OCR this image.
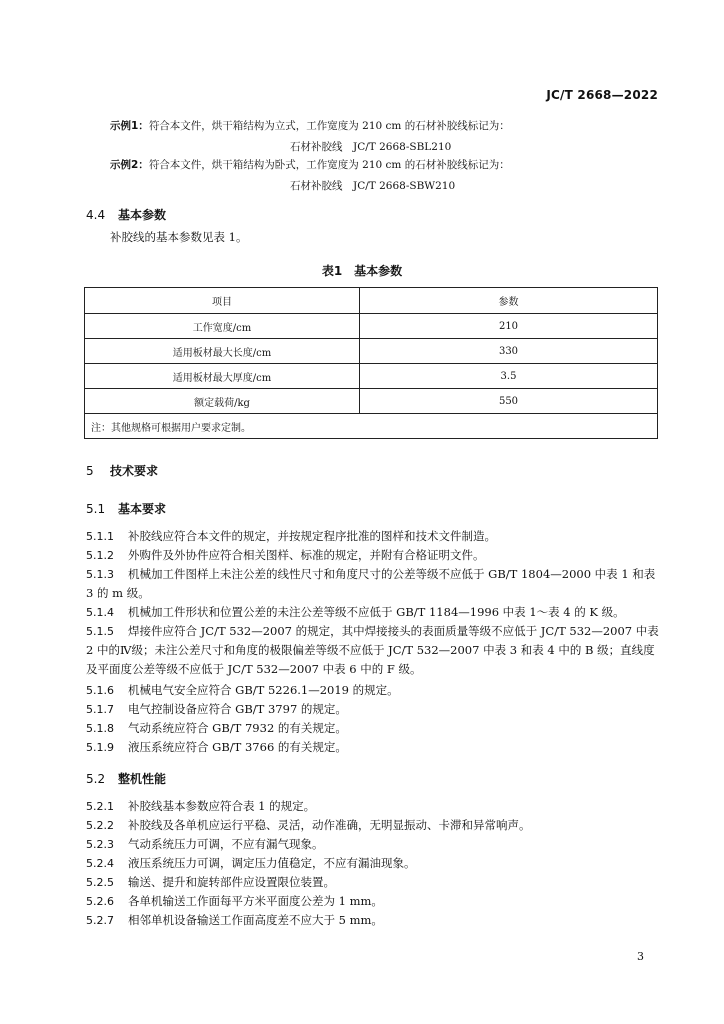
JC/T 2668—2022
示例1：符合本文件，烘干箱结构为立式，工作宽度为 210 cm 的石材补胶线标记为：
石材补胶线　JC/T 2668-SBL210
示例2：符合本文件，烘干箱结构为卧式，工作宽度为 210 cm 的石材补胶线标记为：
石材补胶线　JC/T 2668-SBW210
4.4 基本参数
补胶线的基本参数见表 1。
表1　基本参数
项目	参数
工作宽度/cm	210
适用板材最大长度/cm	330
适用板材最大厚度/cm	3.5
额定载荷/kg	550
注：其他规格可根据用户要求定制。	
5 技术要求
5.1 基本要求
5.1.1 补胶线应符合本文件的规定，并按规定程序批准的图样和技术文件制造。
5.1.2 外购件及外协件应符合相关图样、标准的规定，并附有合格证明文件。
5.1.3 机械加工件图样上未注公差的线性尺寸和角度尺寸的公差等级不应低于 GB/T 1804—2000 中表 1 和表 3 的 m 级。
5.1.4 机械加工件形状和位置公差的未注公差等级不应低于 GB/T 1184—1996 中表 1～表 4 的 K 级。
5.1.5 焊接件应符合 JC/T 532—2007 的规定，其中焊接接头的表面质量等级不应低于 JC/T 532—2007 中表 2 中的Ⅳ级；未注公差尺寸和角度的极限偏差等级不应低于 JC/T 532—2007 中表 3 和表 4 中的 B 级；直线度及平面度公差等级不应低于 JC/T 532—2007 中表 6 中的 F 级。
5.1.6 机械电气安全应符合 GB/T 5226.1—2019 的规定。
5.1.7 电气控制设备应符合 GB/T 3797 的规定。
5.1.8 气动系统应符合 GB/T 7932 的有关规定。
5.1.9 液压系统应符合 GB/T 3766 的有关规定。
5.2 整机性能
5.2.1 补胶线基本参数应符合表 1 的规定。
5.2.2 补胶线及各单机应运行平稳、灵活，动作准确，无明显振动、卡滞和异常响声。
5.2.3 气动系统压力可调，不应有漏气现象。
5.2.4 液压系统压力可调，调定压力值稳定，不应有漏油现象。
5.2.5 输送、提升和旋转部件应设置限位装置。
5.2.6 各单机输送工作面每平方米平面度公差为 1 mm。
5.2.7 相邻单机设备输送工作面高度差不应大于 5 mm。
3
